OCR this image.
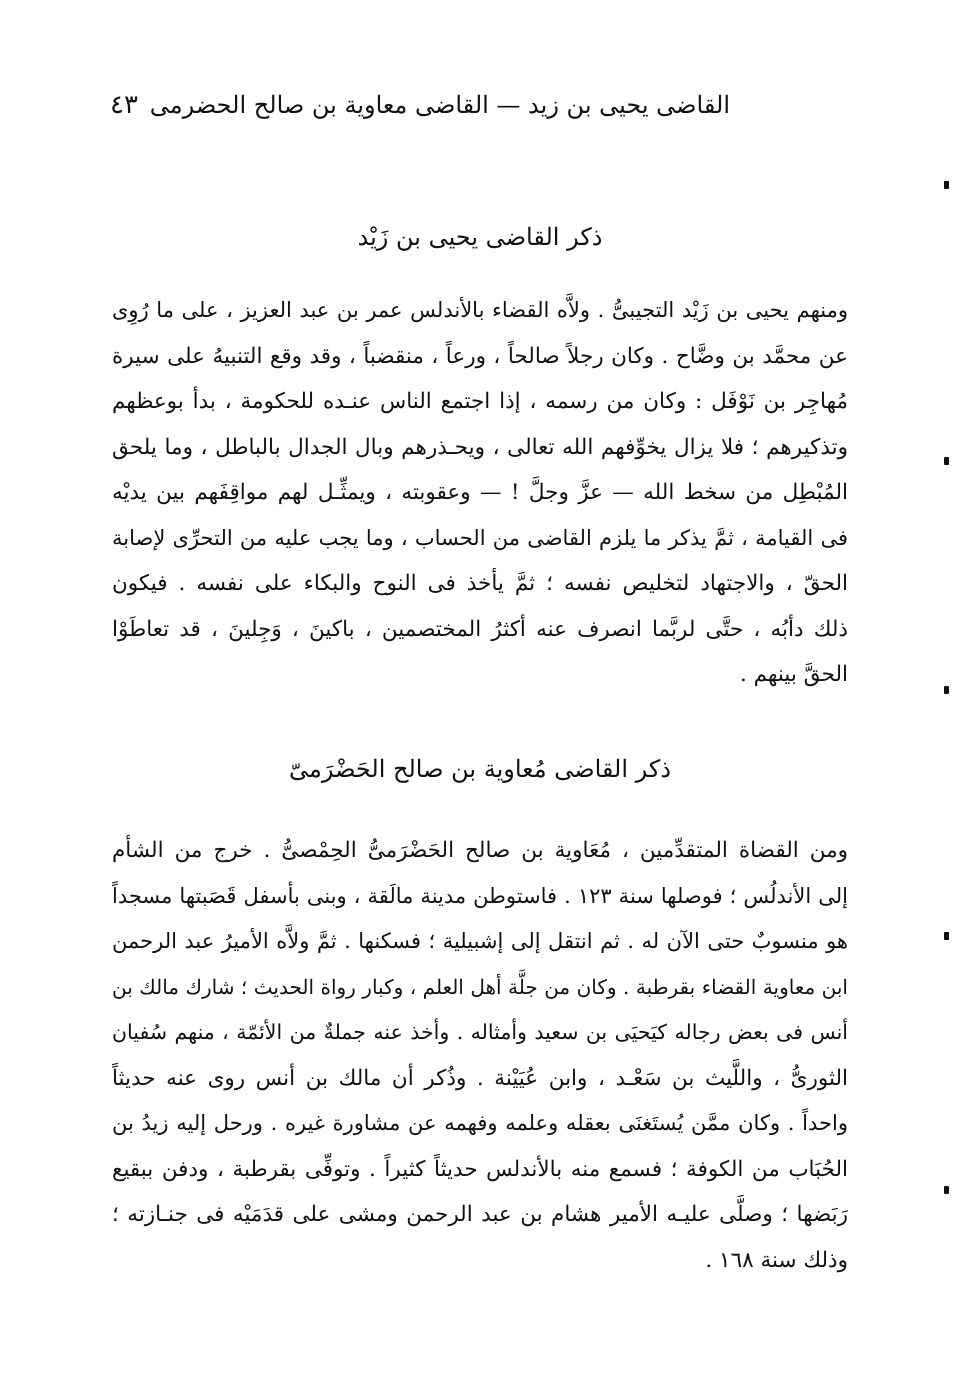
٤٣ القاضى يحيى بن زيد — القاضى معاوية بن صالح الحضرمى
ذكر القاضى يحيى بن زَيْد
ومنهم يحيى بن زَيْد التجيبىُّ . ولاَّه القضاء بالأندلس عمر بن عبد العزيز ، على ما رُوِى
عن محمَّد بن وضَّاح . وكان رجلاً صالحاً ، ورعاً ، منقضباً ، وقد وقع التنبيهُ على سيرة
مُهاجِر بن نَوْفَل : وكان من رسمه ، إذا اجتمع الناس عنـده للحكومة ، بدأ بوعظهم
وتذكيرهم ؛ فلا يزال يخوِّفهم الله تعالى ، ويحـذرهم وبال الجدال بالباطل ، وما يلحق
المُبْطِل من سخط الله — عزَّ وجلَّ ! — وعقوبته ، ويمثِّـل لهم مواقِفَهم بين يديْه
فى القيامة ، ثمَّ يذكر ما يلزم القاضى من الحساب ، وما يجب عليه من التحرِّى لإصابة
الحقّ ، والاجتهاد لتخليص نفسه ؛ ثمَّ يأخذ فى النوح والبكاء على نفسه . فيكون
ذلك دأبُه ، حتَّى لربَّما انصرف عنه أكثرُ المختصمين ، باكينَ ، وَجِلينَ ، قد تعاطَوْا
الحقَّ بينهم .
ذكر القاضى مُعاوية بن صالح الحَضْرَمىّ
ومن القضاة المتقدِّمين ، مُعَاوية بن صالح الحَضْرَمىُّ الحِمْصىُّ . خرج من الشأم
إلى الأندلُس ؛ فوصلها سنة ١٢٣ . فاستوطن مدينة مالَقة ، وبنى بأسفل قَصَبتها مسجداً
هو منسوبٌ حتى الآن له . ثم انتقل إلى إشبيلية ؛ فسكنها . ثمَّ ولاَّه الأميرُ عبد الرحمن
ابن معاوية القضاء بقرطبة . وكان من جلَّة أهل العلم ، وكبار رواة الحديث ؛ شارك مالك بن
أنس فى بعض رجاله كيَحيَى بن سعيد وأمثاله . وأخذ عنه جملةٌ من الأئمّة ، منهم سُفيان
الثورىُّ ، واللَّيث بن سَعْـد ، وابن عُيَيْنة . وذُكر أن مالك بن أنس روى عنه حديثاً
واحداً . وكان ممَّن يُستَغنَى بعقله وعلمه وفهمه عن مشاورة غيره . ورحل إليه زيدُ بن
الحُبَاب من الكوفة ؛ فسمع منه بالأندلس حديثاً كثيراً . وتوفِّى بقرطبة ، ودفن ببقيع
رَبَضها ؛ وصلَّى عليـه الأمير هشام بن عبد الرحمن ومشى على قدَمَيْه فى جنـازته ؛
وذلك سنة ١٦٨ .
